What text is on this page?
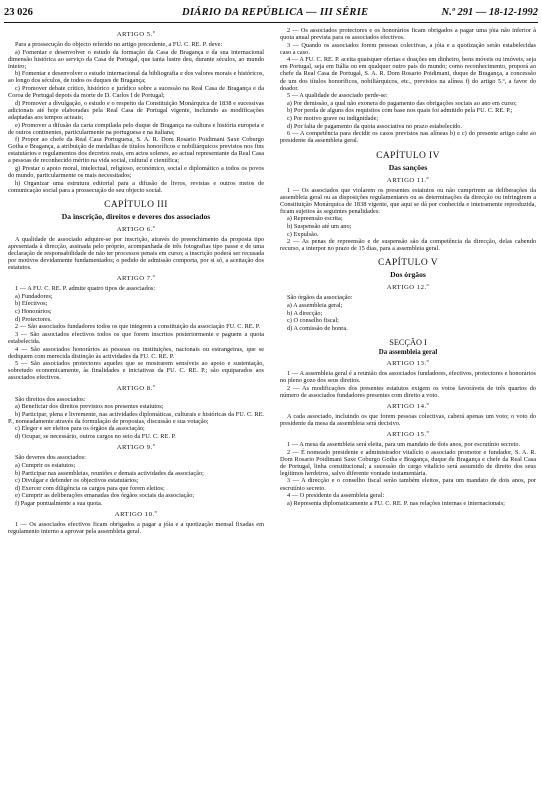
23 026	DIÁRIO DA REPÚBLICA — III SÉRIE	N.º 291 — 18-12-1992

ARTIGO 5.º

Para a prossecução do objecto referido no artigo precedente, a FU. C. RE. P. deve:

a) Fomentar e desenvolver o estudo da formação da Casa de Bragança e da sua internacional dimensão histórica ao serviço da Casa de Portugal, que tanta lustre deu, durante séculos, ao mundo inteiro;

b) Fomentar e desenvolver o estudo internacional da bibliografia e dos valores morais e históricos, ao longo dos séculos, de todos os duques de Bragança;

c) Promover debate crítico, histórico e jurídico sobre a sucessão na Real Casa de Bragança e da Coroa de Portugal depois da morte de D. Carlos I de Portugal;

d) Promover a divulgação, o estudo e o respeito da Constituição Monárquica de 1838 e sucessivas adicionais até hoje elaboradas pela Real Casa de Portugal vigente, incluindo as modificações adaptadas aos tempos actuais;

e) Promover a difusão da carta compilada pelo duque de Bragança na cultura e história europeia e de outros continentes, particularmente na portuguesa e na italiana;

f) Propor ao chefe da Real Casa Portuguesa, S. A. R. Dom Rosario Poidimani Saxe Coburgo Gotha e Bragança, a atribuição de medalhas de títulos honoríficos e nobiliárquicos previstos nos fins estatutários e regulamentos dos decretos reais, em actos solenes, ao actual representante da Real Casa a pessoas de reconhecido mérito na vida social, cultural e científica;

g) Prestar o apoio moral, intelectual, religioso, económico, social e diplomático a todos os povos do mundo, particularmente os mais necessitados;

h) Organizar uma estrutura editorial para a difusão de livros, revistas e outros meios de comunicação social para a prossecução do seu objecto social.

CAPÍTULO III

Da inscrição, direitos e deveres dos associados

ARTIGO 6.º

A qualidade de associado adquire-se por inscrição, através do preenchimento da proposta tipo apresentada à direcção, assinada pelo próprio, acompanhada de três fotografias tipo passe e de uma declaração de responsabilidade de não ter processos penais em curso; a inscrição poderá ser recusada por motivos devidamente fundamentados; o pedido de admissão comporta, por si só, a aceitação dos estatutos.

ARTIGO 7.º

1 — A FU. C. RE. P. admite quatro tipos de associados:

a) Fundadores;

b) Efectivos;

c) Honorários;

d) Protectores.

2 — São associados fundadores todos os que integrem a constituição da associação FU. C. RE. P.

3 — São associados efectivos todos os que forem inscritos posteriormente e paguem a quota estabelecida.

4 — São associados honorários as pessoas ou instituições, nacionais ou estrangeiras, que se dediquem com merecida distinção às actividades da FU. C. RE. P.

5 — São associados protectores aqueles que se mostrarem sensíveis ao apoio e sustentação, sobretudo economicamente, às finalidades e iniciativas da FU. C. RE. P.; são equiparados aos associados efectivos.

ARTIGO 8.º

São direitos dos associados:

a) Beneficiar dos direitos previstos nos presentes estatutos;

b) Participar, plena e livremente, nas actividades diplomáticas, culturais e históricas da FU. C. RE. P., nomeadamente através da formulação de propostas, discussão e sua votação;

c) Eleger e ser eleitos para os órgãos da associação;

d) Ocupar, se necessário, outros cargos no seio da FU. C. RE. P.

ARTIGO 9.º

São deveres dos associados:

a) Cumprir os estatutos;

b) Participar nas assembleias, reuniões e demais actividades da associação;

c) Divulgar e defender os objectivos estatutários;

d) Exercer com diligência os cargos para que forem eleitos;

e) Cumprir as deliberações emanadas dos órgãos sociais da associação;

f) Pagar pontualmente a sua quota.

ARTIGO 10.º

1 — Os associados efectivos ficam obrigados a pagar a jóia e a quotização mensal fixadas em regulamento interno a aprovar pela assembleia geral.

2 — Os associados protectores e os honorários ficam obrigados a pagar uma jóia não inferior à quota anual prevista para os associados efectivos.

3 — Quando os associados forem pessoas colectivas, a jóia e a quotização serão estabelecidas caso a caso.

4 — A FU. C. RE. P. aceita quaisquer ofertas e doações em dinheiro, bens móveis ou imóveis, seja em Portugal, seja em Itália ou em qualquer outro país do mundo; como reconhecimento, proporá ao chefe da Real Casa de Portugal, S. A. R. Dom Rosario Poidimani, duque de Bragança, a concessão de um dos títulos honoríficos, nobiliárquicos, etc., previstos na alínea f) do artigo 5.º, a favor do doador.

5 — A qualidade de associado perde-se:

a) Por demissão, a qual não exonera do pagamento das obrigações sociais ao ano em curso;

b) Por perda de alguns dos requisitos com base nos quais foi admitido pela FU. C. RE. P.;

c) Por motivo grave ou indignidade;

d) Por falta de pagamento da quota associativa no prazo estabelecido.

6 — A competência para decidir os casos previstos nas alíneas b) e c) do presente artigo cabe ao presidente da assembleia geral.

CAPÍTULO IV

Das sanções

ARTIGO 11.º

1 — Os associados que violarem os presentes estatutos ou não cumprirem as deliberações da assembleia geral ou as disposições regulamentares ou as determinações da direcção ou infringirem a Constituição Monárquica de 1838 vigente, que aqui se dá por conhecida e inteiramente reproduzida, ficam sujeitos às seguintes penalidades:

a) Repreensão escrita;

b) Suspensão até um ano;

c) Expulsão.

2 — As penas de repreensão e de suspensão são da competência da direcção, delas cabendo recurso, a interpor no prazo de 15 dias, para a assembleia geral.

CAPÍTULO V

Dos órgãos

ARTIGO 12.º

São órgãos da associação:

a) A assembleia geral;

b) A direcção;

c) O conselho fiscal;

d) A comissão de honra.

SECÇÃO I

Da assembleia geral

ARTIGO 13.º

1 — A assembleia geral é a reunião dos associados fundadores, efectivos, protectores e honorários no pleno gozo dos seus direitos.

2 — As modificações dos presentes estatutos exigem os votos favoráveis de três quartos do número de associados fundadores presentes com direito a voto.

ARTIGO 14.º

A cada associado, incluindo os que forem pessoas colectivas, caberá apenas um voto; o voto do presidente da mesa da assembleia será decisivo.

ARTIGO 15.º

1 — A mesa da assembleia será eleita, para um mandato de dois anos, por escrutínio secreto.

2 — É nomeado presidente e administrador vitalício o associado promotor e fundador, S. A. R. Dom Rosario Poidimani Saxe Coburgo Gotha e Bragança, duque de Bragança e chefe da Real Casa de Portugal, linha constitucional; a sucessão do cargo vitalício será assumido de direito dos seus legítimos herdeiros, salvo diferente vontade testamentária.

3 — A direcção e o conselho fiscal serão também eleitos, para um mandato de dois anos, por escrutínio secreto.

4 — O presidente da assembleia geral:

a) Representa diplomaticamente a FU. C. RE. P. nas relações internas e internacionais;
